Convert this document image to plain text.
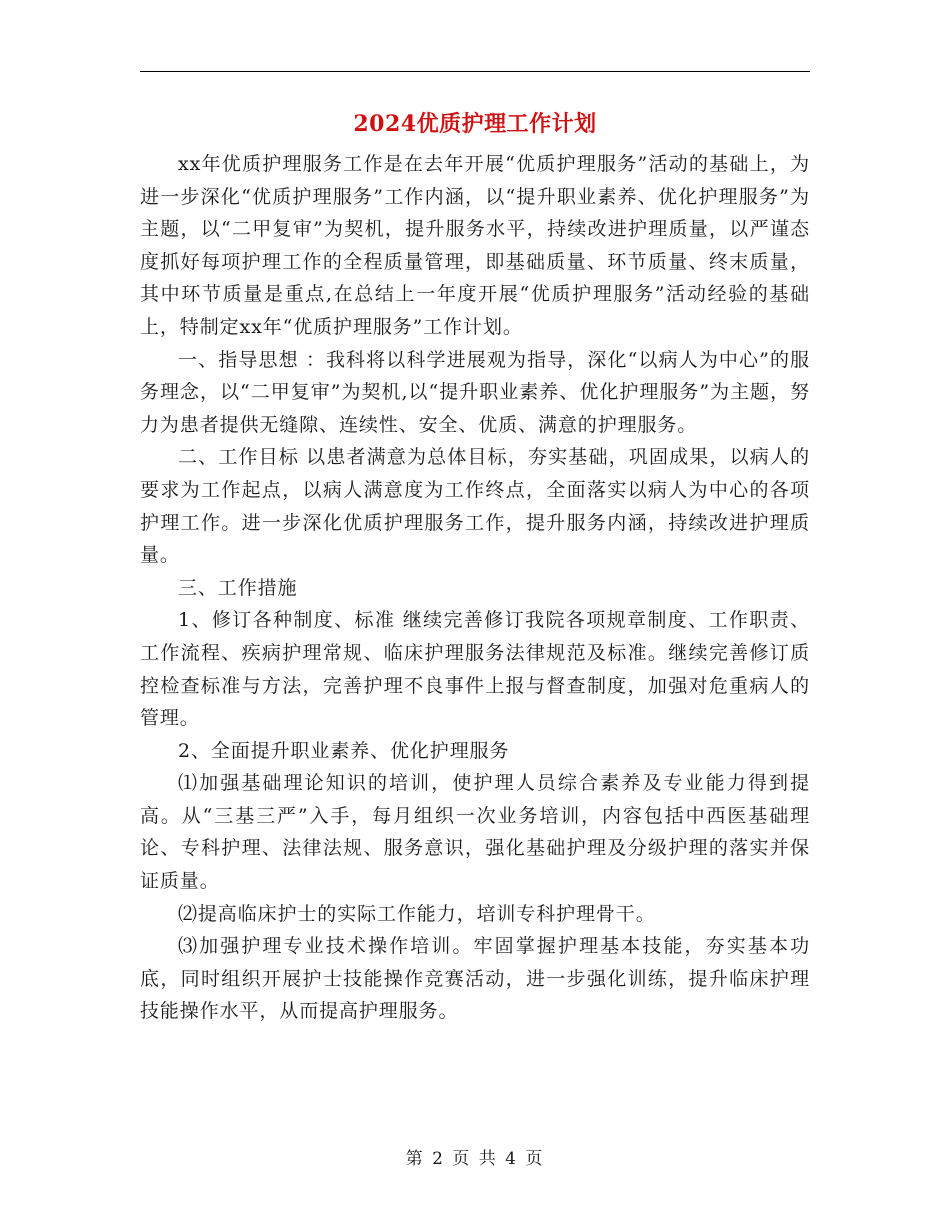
2024优质护理工作计划

xx年优质护理服务工作是在去年开展“优质护理服务”活动的基础上，为进一步深化“优质护理服务”工作内涵，以“提升职业素养、优化护理服务”为主题，以“二甲复审”为契机，提升服务水平，持续改进护理质量，以严谨态度抓好每项护理工作的全程质量管理，即基础质量、环节质量、终末质量，其中环节质量是重点,在总结上一年度开展“优质护理服务”活动经验的基础上，特制定xx年“优质护理服务”工作计划。

一、指导思想 ：我科将以科学进展观为指导，深化“以病人为中心”的服务理念，以“二甲复审”为契机,以“提升职业素养、优化护理服务”为主题，努力为患者提供无缝隙、连续性、安全、优质、满意的护理服务。

二、工作目标 以患者满意为总体目标，夯实基础，巩固成果，以病人的要求为工作起点，以病人满意度为工作终点，全面落实以病人为中心的各项护理工作。进一步深化优质护理服务工作，提升服务内涵，持续改进护理质量。

三、工作措施

1、修订各种制度、标准 继续完善修订我院各项规章制度、工作职责、工作流程、疾病护理常规、临床护理服务法律规范及标准。继续完善修订质控检查标准与方法，完善护理不良事件上报与督查制度，加强对危重病人的管理。

2、全面提升职业素养、优化护理服务

⑴加强基础理论知识的培训，使护理人员综合素养及专业能力得到提高。从“三基三严”入手，每月组织一次业务培训，内容包括中西医基础理论、专科护理、法律法规、服务意识，强化基础护理及分级护理的落实并保证质量。

⑵提高临床护士的实际工作能力，培训专科护理骨干。

⑶加强护理专业技术操作培训。牢固掌握护理基本技能，夯实基本功底，同时组织开展护士技能操作竞赛活动，进一步强化训练，提升临床护理技能操作水平，从而提高护理服务。

第 2 页 共 4 页
